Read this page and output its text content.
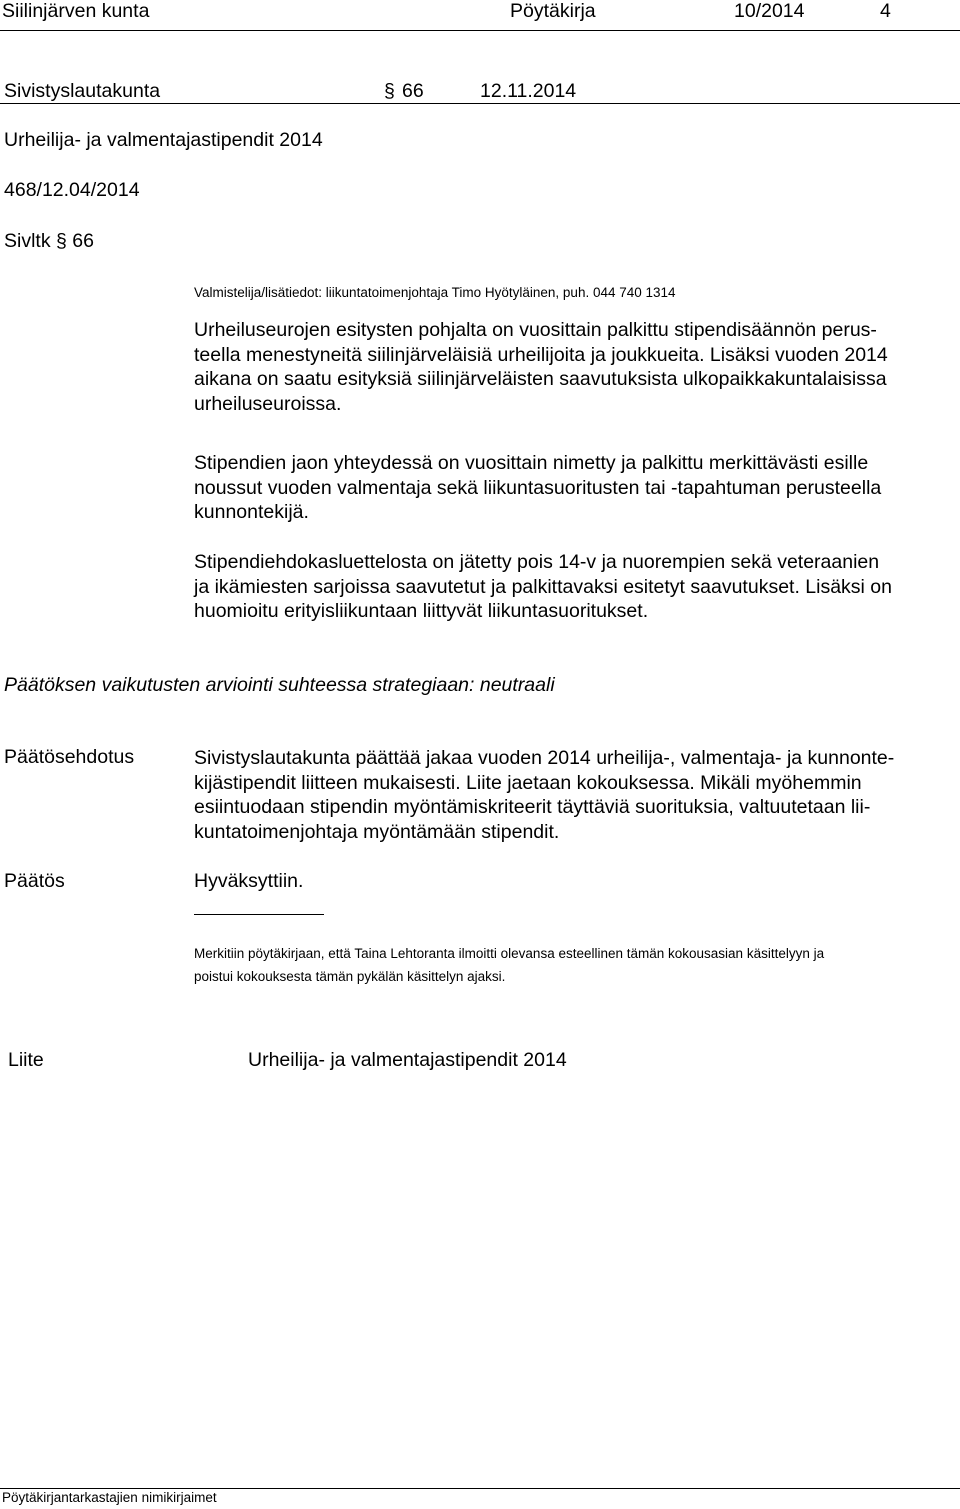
Siilinjärven kunta	Pöytäkirja	10/2014	4
Sivistyslautakunta	§ 66	12.11.2014
Urheilija- ja valmentajastipendit 2014
468/12.04/2014
Sivltk § 66
Valmistelija/lisätiedot: liikuntatoimenjohtaja Timo Hyötyläinen, puh. 044 740 1314

Urheiluseurojen esitysten pohjalta on vuosittain palkittu stipendisäännön perus-

teella menestyneitä siilinjärveläisiä urheilijoita ja joukkueita. Lisäksi vuoden 2014

aikana on saatu esityksiä siilinjärveläisten saavutuksista ulkopaikkakuntalaisissa

urheiluseuroissa.

Stipendien jaon yhteydessä on vuosittain nimetty ja palkittu merkittävästi esille

noussut vuoden valmentaja sekä liikuntasuoritusten tai -tapahtuman perusteella

kunnontekijä.

Stipendiehdokasluettelosta on jätetty pois 14-v ja nuorempien sekä veteraanien

ja ikämiesten sarjoissa saavutetut ja palkittavaksi esitetyt saavutukset. Lisäksi on

huomioitu erityisliikuntaan liittyvät liikuntasuoritukset.

Päätöksen vaikutusten arviointi suhteessa strategiaan: neutraali
Päätösehdotus	Sivistyslautakunta päättää jakaa vuoden 2014 urheilija-, valmentaja- ja kunnonte-

kijästipendit liitteen mukaisesti. Liite jaetaan kokouksessa. Mikäli myöhemmin

esiintuodaan stipendin myöntämiskriteerit täyttäviä suorituksia, valtuutetaan lii-

kuntatoimenjohtaja myöntämään stipendit.

Päätös	Hyväksyttiin.
Merkitiin pöytäkirjaan, että Taina Lehtoranta ilmoitti olevansa esteellinen tämän kokousasian käsittelyyn ja
poistui kokouksesta tämän pykälän käsittelyn ajaksi.
Liite	Urheilija- ja valmentajastipendit 2014
Pöytäkirjantarkastajien nimikirjaimet
